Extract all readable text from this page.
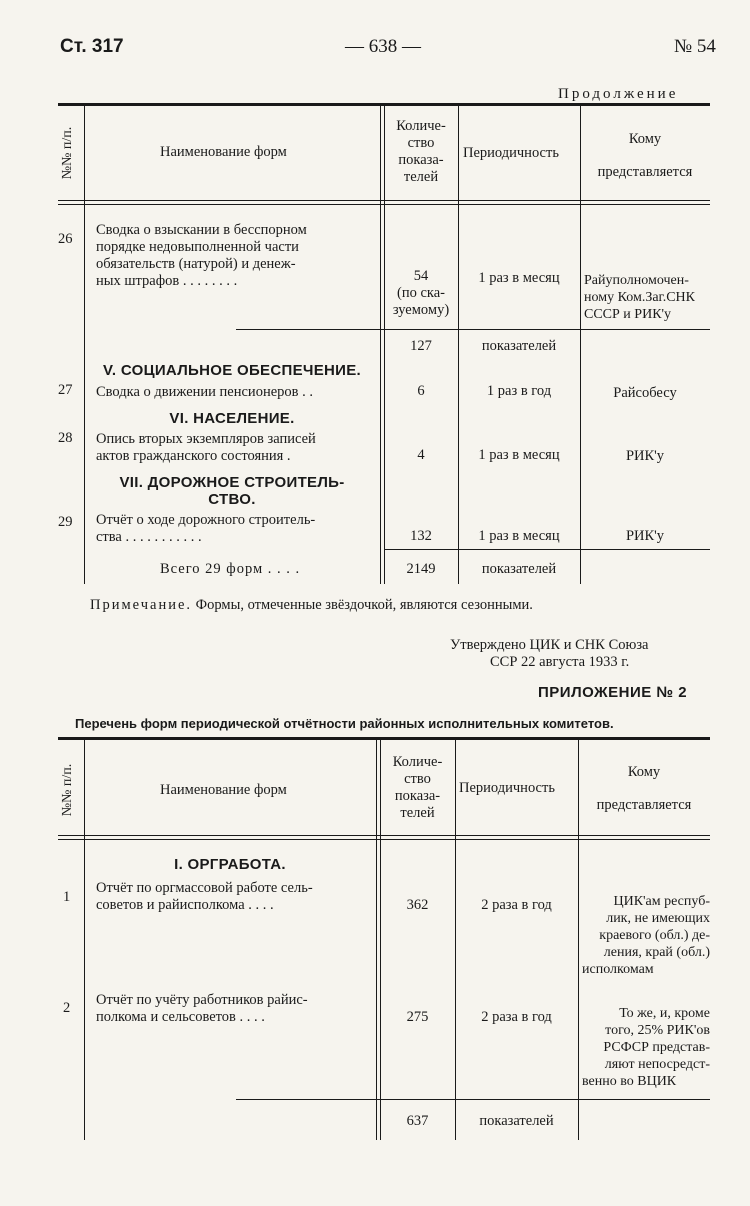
Ст. 317	— 638 —	№ 54
Продолжение
№№ п/п.	Наименование форм
Количе-
ство
показа-
телей
Периодичность
Кому
представляется
26
Сводка о взыскании в бесспорном
порядке недовыполненной части
обязательств (натурой) и денеж-
ных штрафов . . . . . . . .	54
(по ска-
зуемому)
1 раз в месяц	Райуполномочен-
ному Ком.Заг.СНК
СССР и РИК'у
127	показателей
V. СОЦИАЛЬНОЕ ОБЕСПЕЧЕНИЕ.
27 Сводка о движении пенсионеров . .	6	1 раз в год	Райсобесу
VI. НАСЕЛЕНИЕ.
28 Опись вторых экземпляров записей
актов гражданского состояния .	4	1 раз в месяц	РИК'у
VII. ДОРОЖНОЕ СТРОИТЕЛЬ-
СТВО.
29 Отчёт о ходе дорожного строитель-
ства . . . . . . . . . . .	132	1 раз в месяц	РИК'у
Всего 29 форм . . . .	2149	показателей
Примечание. Формы, отмеченные звёздочкой, являются сезонными.
Утверждено ЦИК и СНК Союза
ССР 22 августа 1933 г.
ПРИЛОЖЕНИЕ № 2
Перечень форм периодической отчётности районных исполнительных комитетов.
№№ п/п.	Наименование форм
Количе-
ство
показа-
телей
Периодичность
Кому
представляется
I. ОРГРАБОТА.
1
Отчёт по оргмассовой работе сель-
советов и райисполкома . . . .	362	2 раза в год	ЦИК'ам респуб-
лик, не имеющих
краевого (обл.) де-
ления, край (обл.)
исполкомам
2 Отчёт по учёту работников райис-
полкома и сельсоветов . . . .	275	2 раза в год	То же, и, кроме
того, 25% РИК'ов
РСФСР представ-
ляют непосредст-
венно во ВЦИК
637	показателей
